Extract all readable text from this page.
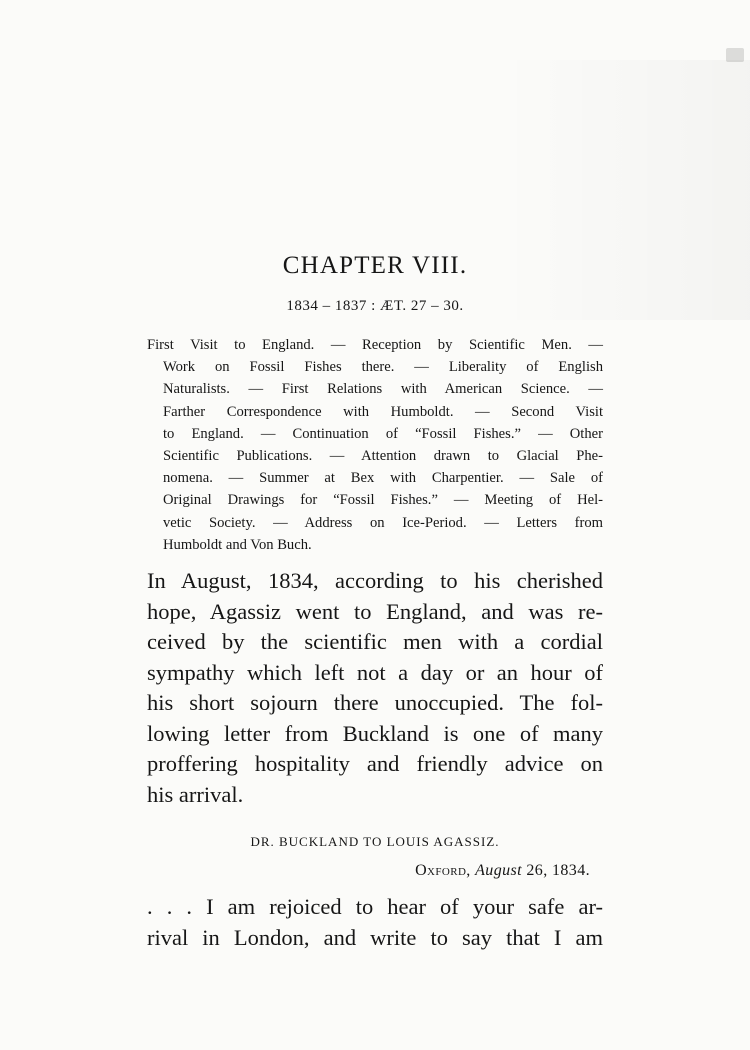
CHAPTER VIII.
1834 – 1837 : ÆT. 27 – 30.
First Visit to England. — Reception by Scientific Men. —
Work on Fossil Fishes there. — Liberality of English
Naturalists. — First Relations with American Science. —
Farther Correspondence with Humboldt. — Second Visit
to England. — Continuation of “Fossil Fishes.” — Other
Scientific Publications. — Attention drawn to Glacial Phe-
nomena. — Summer at Bex with Charpentier. — Sale of
Original Drawings for “Fossil Fishes.” — Meeting of Hel-
vetic Society. — Address on Ice-Period. — Letters from
Humboldt and Von Buch.
In August, 1834, according to his cherished
hope, Agassiz went to England, and was re-
ceived by the scientific men with a cordial
sympathy which left not a day or an hour of
his short sojourn there unoccupied. The fol-
lowing letter from Buckland is one of many
proffering hospitality and friendly advice on
his arrival.
DR. BUCKLAND TO LOUIS AGASSIZ.
Oxford, August 26, 1834.
. . . I am rejoiced to hear of your safe ar-
rival in London, and write to say that I am
